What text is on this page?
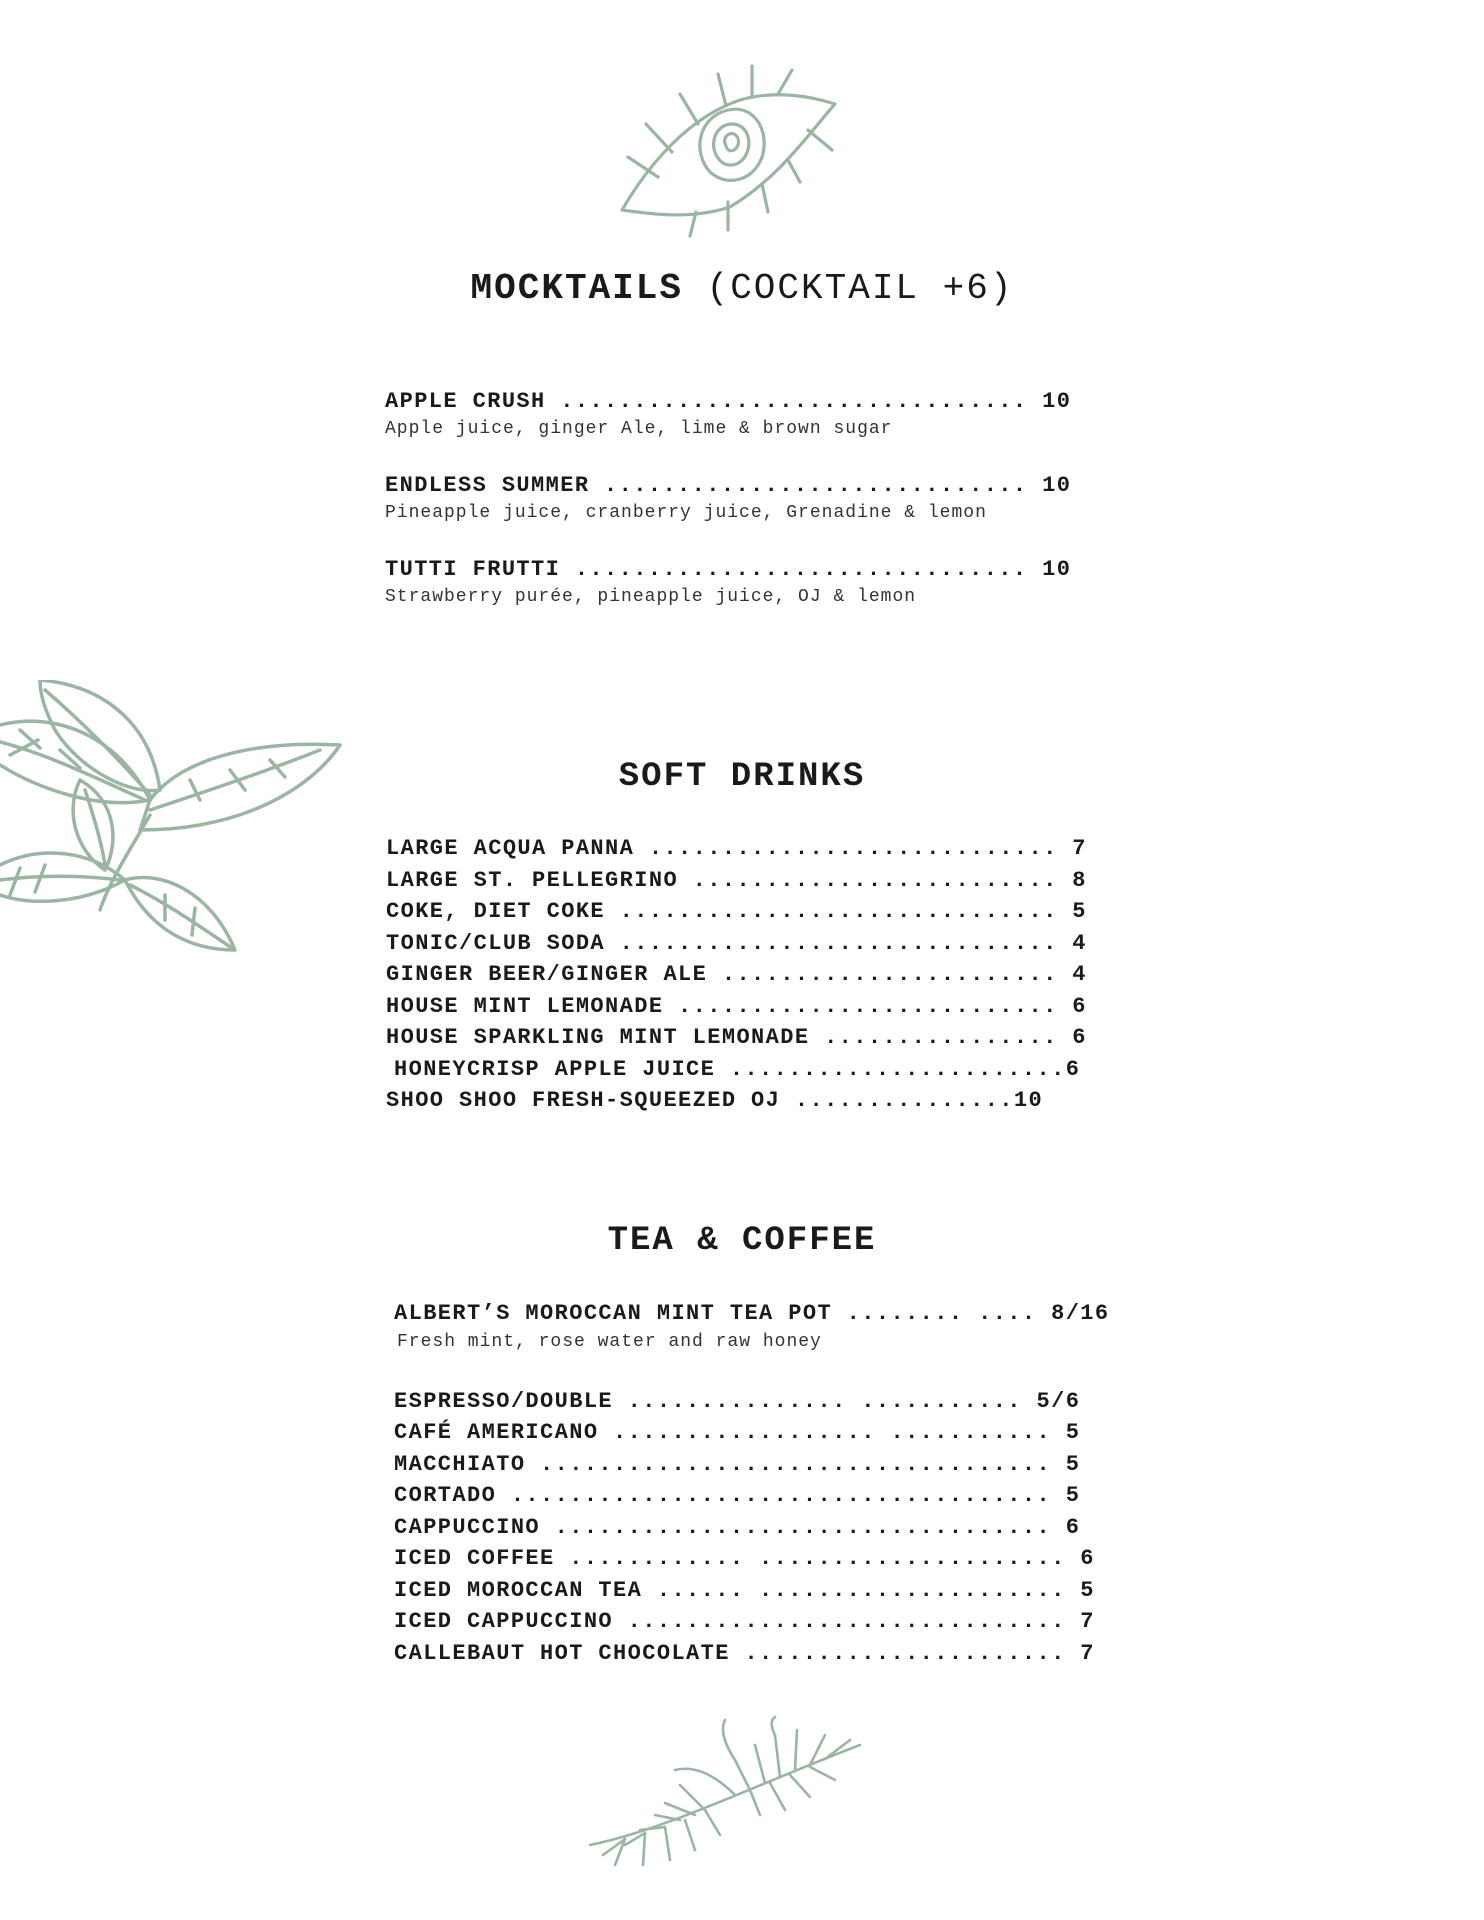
MOCKTAILS (COCKTAIL +6)
APPLE CRUSH ................................ 10
Apple juice, ginger Ale, lime & brown sugar
ENDLESS SUMMER ............................. 10
Pineapple juice, cranberry juice, Grenadine & lemon
TUTTI FRUTTI ............................... 10
Strawberry purée, pineapple juice, OJ & lemon
SOFT DRINKS
LARGE ACQUA PANNA ............................ 7
LARGE ST. PELLEGRINO ......................... 8
COKE, DIET COKE .............................. 5
TONIC/CLUB SODA .............................. 4
GINGER BEER/GINGER ALE ....................... 4
HOUSE MINT LEMONADE .......................... 6
HOUSE SPARKLING MINT LEMONADE ................ 6
HONEYCRISP APPLE JUICE .......................6
SHOO SHOO FRESH-SQUEEZED OJ ...............10
TEA & COFFEE
ALBERT’S MOROCCAN MINT TEA POT ........ .... 8/16
Fresh mint, rose water and raw honey
ESPRESSO/DOUBLE ............... ........... 5/6
CAFÉ AMERICANO .................. ........... 5
MACCHIATO ................................... 5
CORTADO ..................................... 5
CAPPUCCINO .................................. 6
ICED COFFEE ............ ..................... 6
ICED MOROCCAN TEA ...... ..................... 5
ICED CAPPUCCINO .............................. 7
CALLEBAUT HOT CHOCOLATE ...................... 7
